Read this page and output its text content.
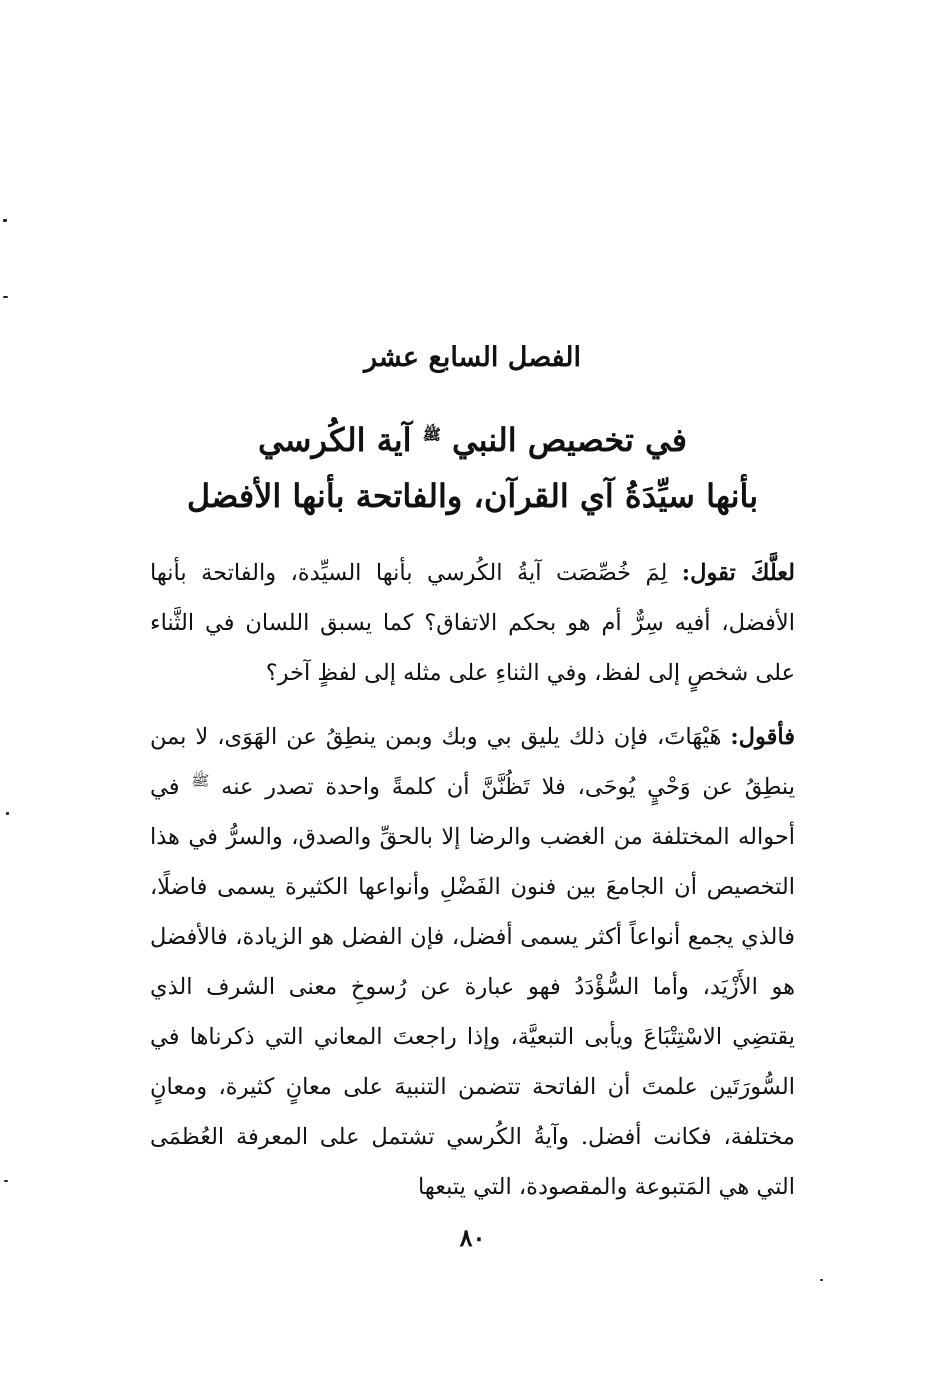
الفصل السابع عشر
في تخصيص النبي $^ﷺ$ آية الكُرسي
بأنها سيِّدَةُ آي القرآن، والفاتحة بأنها الأفضل

لعلَّكَ تقول: لِمَ خُصِّصَت آيةُ الكُرسي بأنها السيِّدة، والفاتحة بأنها الأفضل، أفيه سِرٌّ أم هو بحكم الاتفاق؟ كما يسبق اللسان في الثَّناء على شخصٍ إلى لفظ، وفي الثناءِ على مثله إلى لفظٍ آخر؟

فأقول: هَيْهَاتَ، فإن ذلك يليق بي وبك وبمن ينطِقُ عن الهَوَى، لا بمن ينطِقُ عن وَحْيٍ يُوحَى، فلا تَظُنَّنَّ أن كلمةً واحدة تصدر عنه $^ﷺ$ في أحواله المختلفة من الغضب والرضا إلا بالحقِّ والصدق، والسرُّ في هذا التخصيص أن الجامعَ بين فنون الفَضْلِ وأنواعها الكثيرة يسمى فاضلًا، فالذي يجمع أنواعاً أكثر يسمى أفضل، فإن الفضل هو الزيادة، فالأفضل هو الأَزْيَد، وأما السُّؤْدَدُ فهو عبارة عن رُسوخِ معنى الشرف الذي يقتضِي الاسْتِتْبَاعَ ويأبى التبعيَّة، وإذا راجعتَ المعاني التي ذكرناها في السُّورَتَين علمتَ أن الفاتحة تتضمن التنبيهَ على معانٍ كثيرة، ومعانٍ مختلفة، فكانت أفضل. وآيةُ الكُرسي تشتمل على المعرفة العُظمَى التي هي المَتبوعة والمقصودة، التي يتبعها

٨٠
